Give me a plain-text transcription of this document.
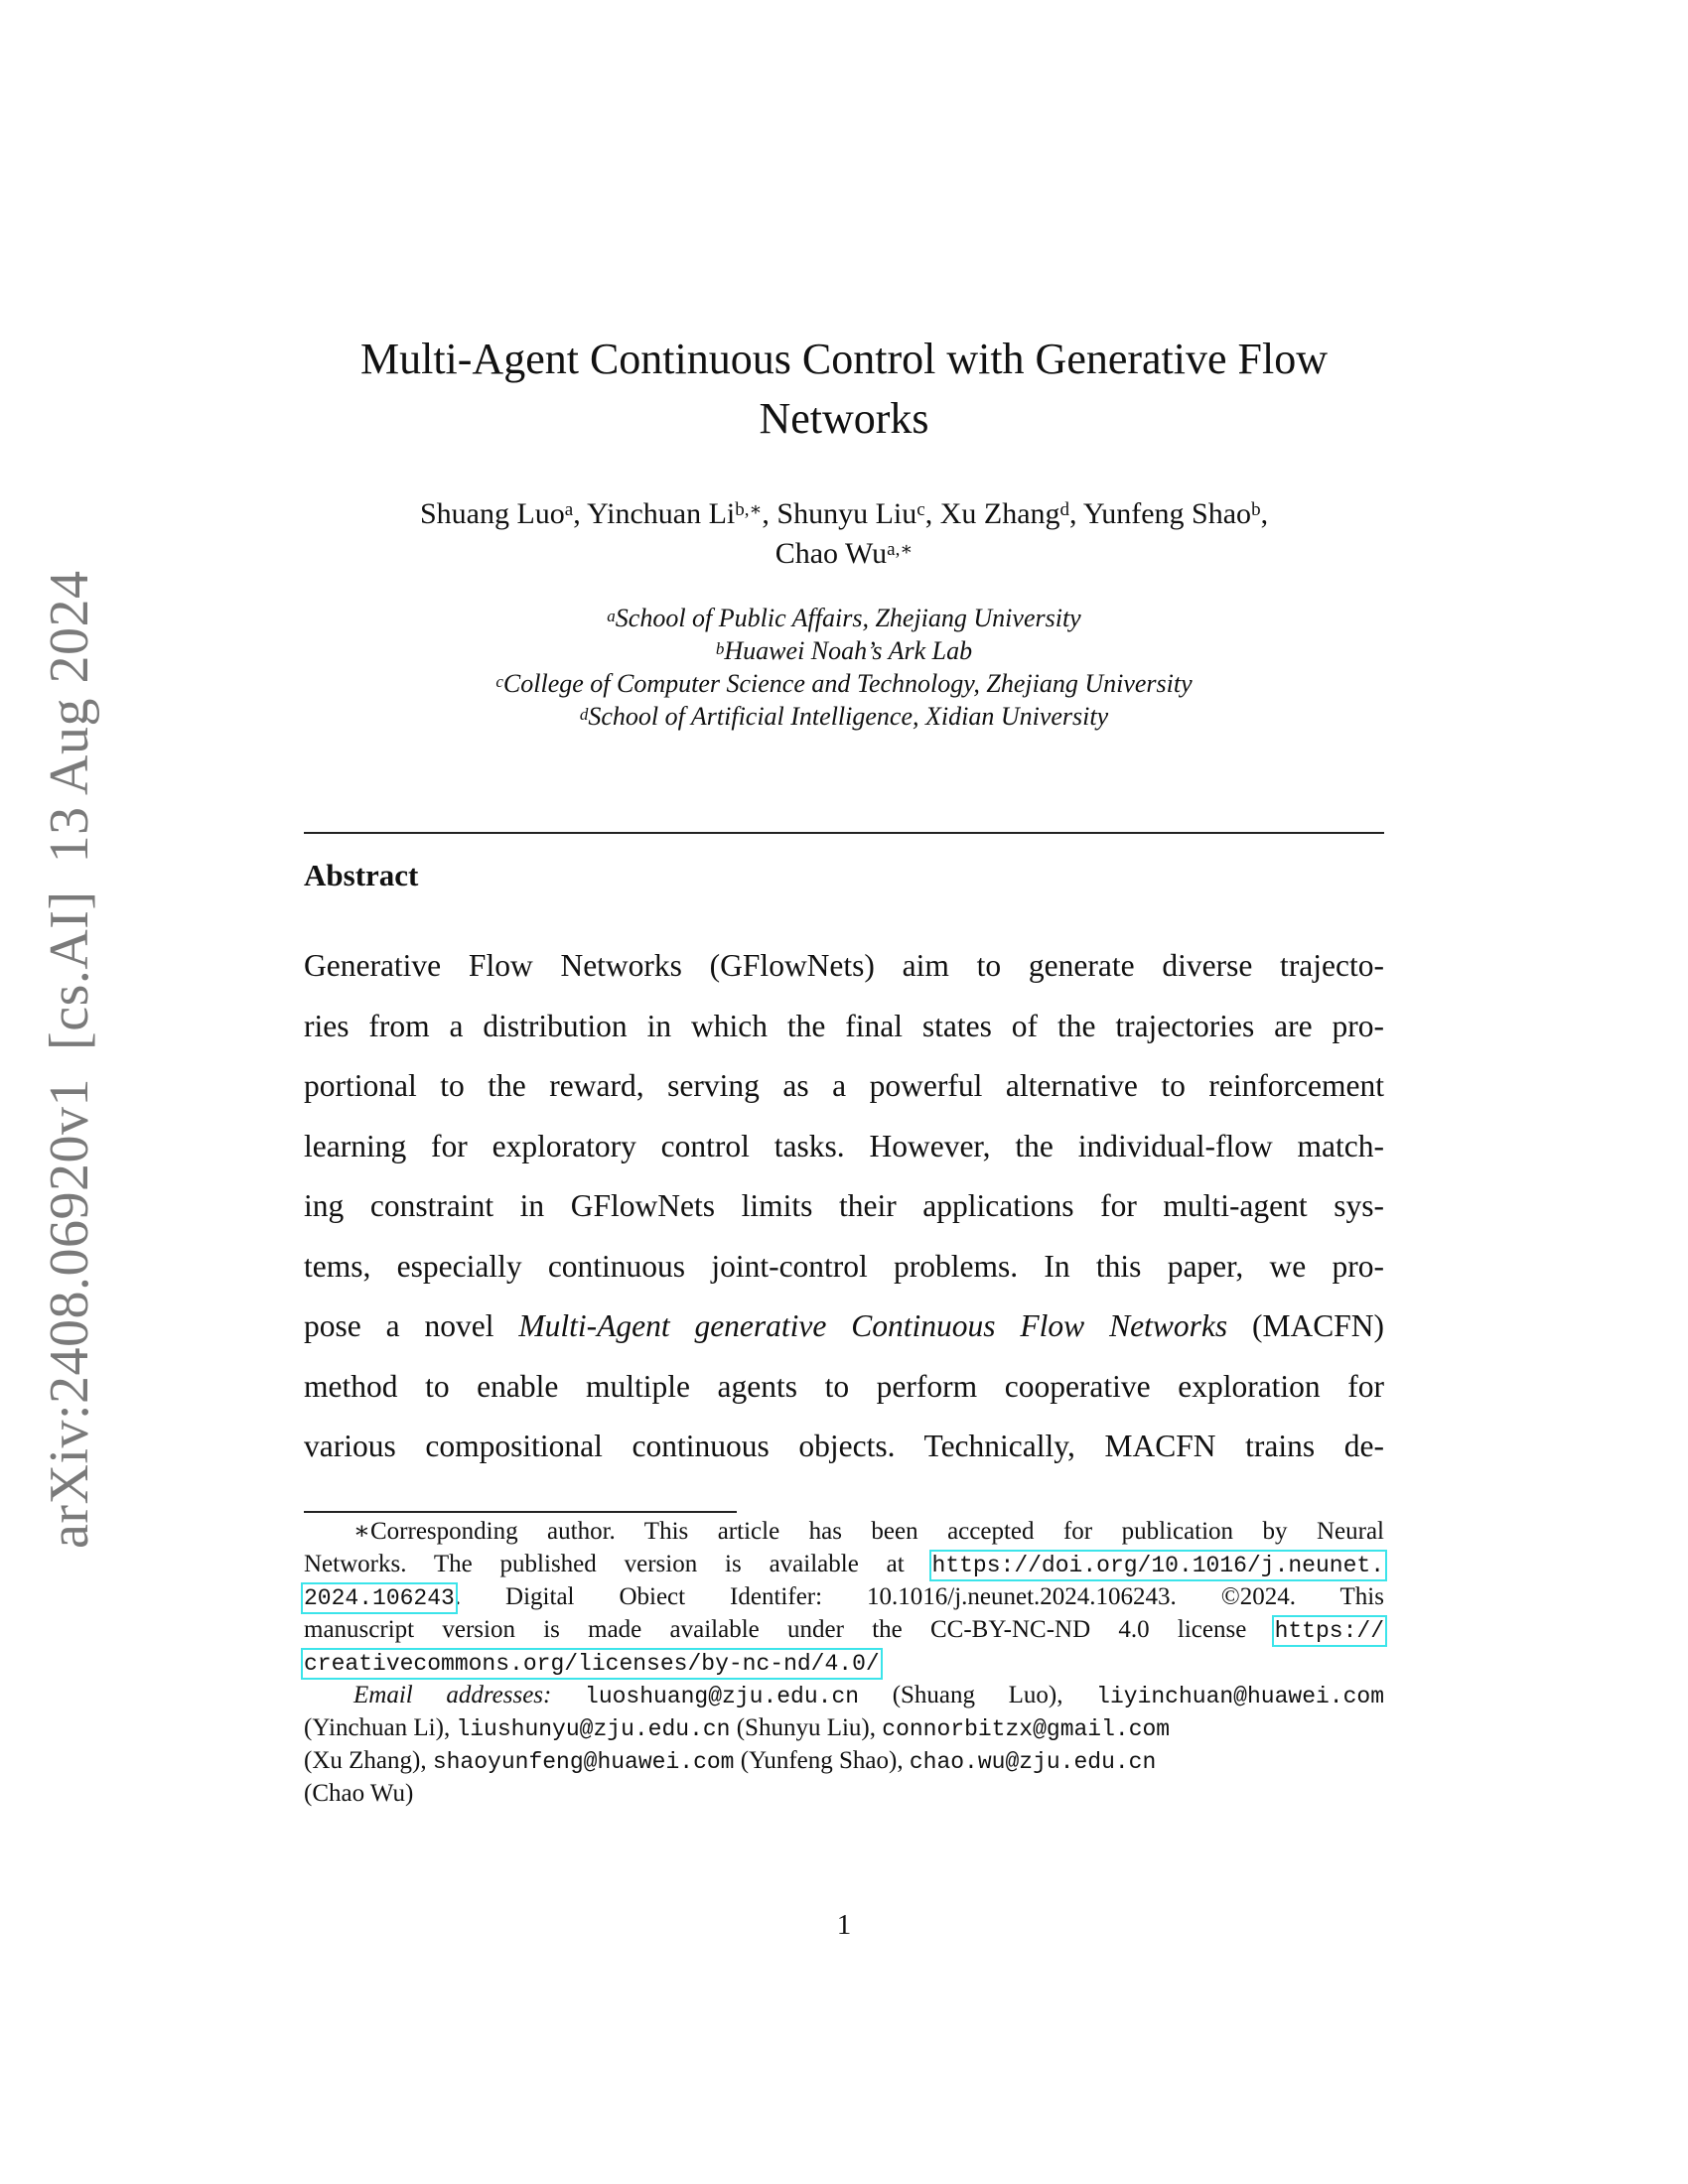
arXiv:2408.06920v1[cs.AI]13 Aug 2024
Multi-Agent Continuous Control with Generative Flow
Networks
Shuang Luo$^a$, Yinchuan $Li^{b,∗}$, Shunyu Liu$^c$, Xu Zhang$^d$, Yunfeng Shao$^b$,
Chao $Wu^{a,∗}$
$^a$School of Public Affairs, Zhejiang University
$^b$Huawei Noah’s Ark Lab
$^c$College of Computer Science and Technology, Zhejiang University
$^d$School of Artificial Intelligence, Xidian University
Abstract
Generative Flow Networks (GFlowNets) aim to generate diverse trajecto-
ries from a distribution in which the final states of the trajectories are pro-
portional to the reward, serving as a powerful alternative to reinforcement
learning for exploratory control tasks. However, the individual-flow match-
ing constraint in GFlowNets limits their applications for multi-agent sys-
tems, especially continuous joint-control problems. In this paper, we pro-
pose a novel Multi-Agent generative Continuous Flow Networks (MACFN)
method to enable multiple agents to perform cooperative exploration for
various compositional continuous objects. Technically, MACFN trains de-
∗Corresponding author. This article has been accepted for publication by Neural
Networks. The published version is available at https://doi.org/10.1016/j.neunet.
2024.106243. Digital Obiect Identifer: 10.1016/j.neunet.2024.106243. ©2024. This
manuscript version is made available under the CC-BY-NC-ND 4.0 license https://
creativecommons.org/licenses/by-nc-nd/4.0/
Email addresses: luoshuang@zju.edu.cn (Shuang Luo), liyinchuan@huawei.com
(Yinchuan Li), liushunyu@zju.edu.cn (Shunyu Liu), connorbitzx@gmail.com
(Xu Zhang), shaoyunfeng@huawei.com (Yunfeng Shao), chao.wu@zju.edu.cn
(Chao Wu)
1
